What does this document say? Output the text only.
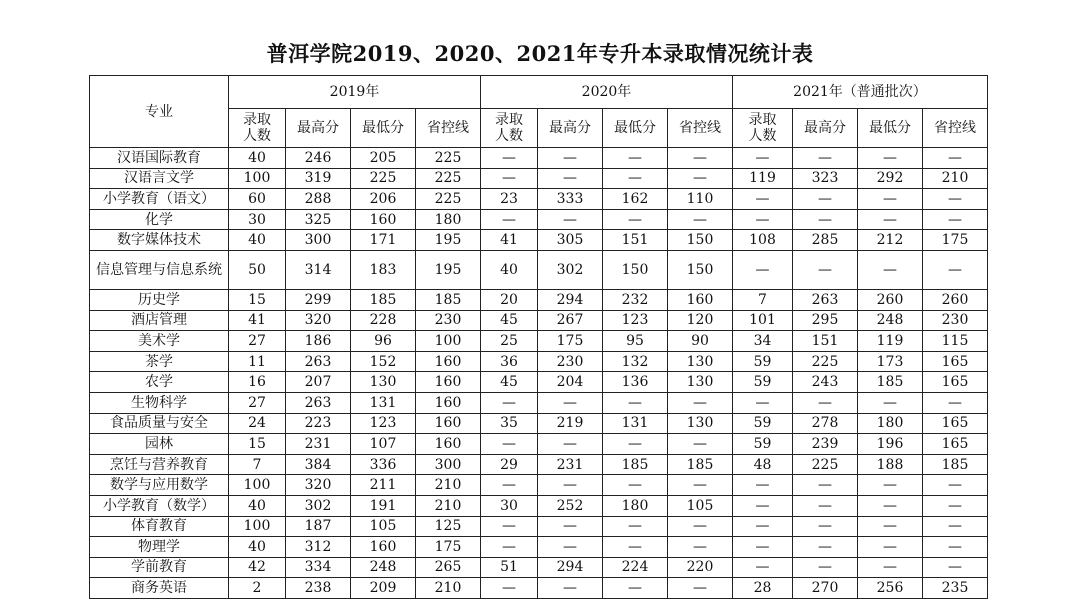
普洱学院2019、2020、2021年专升本录取情况统计表
专业	2019年				2020年				2021年（普通批次）			
	录取人数	最高分	最低分	省控线	录取人数	最高分	最低分	省控线	录取人数	最高分	最低分	省控线
汉语国际教育	40	246	205	225	—	—	—	—	—	—	—	—
汉语言文学	100	319	225	225	—	—	—	—	119	323	292	210
小学教育（语文）	60	288	206	225	23	333	162	110	—	—	—	—
化学	30	325	160	180	—	—	—	—	—	—	—	—
数字媒体技术	40	300	171	195	41	305	151	150	108	285	212	175
信息管理与信息系统	50	314	183	195	40	302	150	150	—	—	—	—
历史学	15	299	185	185	20	294	232	160	7	263	260	260
酒店管理	41	320	228	230	45	267	123	120	101	295	248	230
美术学	27	186	96	100	25	175	95	90	34	151	119	115
茶学	11	263	152	160	36	230	132	130	59	225	173	165
农学	16	207	130	160	45	204	136	130	59	243	185	165
生物科学	27	263	131	160	—	—	—	—	—	—	—	—
食品质量与安全	24	223	123	160	35	219	131	130	59	278	180	165
园林	15	231	107	160	—	—	—	—	59	239	196	165
烹饪与营养教育	7	384	336	300	29	231	185	185	48	225	188	185
数学与应用数学	100	320	211	210	—	—	—	—	—	—	—	—
小学教育（数学）	40	302	191	210	30	252	180	105	—	—	—	—
体育教育	100	187	105	125	—	—	—	—	—	—	—	—
物理学	40	312	160	175	—	—	—	—	—	—	—	—
学前教育	42	334	248	265	51	294	224	220	—	—	—	—
商务英语	2	238	209	210	—	—	—	—	28	270	256	235
